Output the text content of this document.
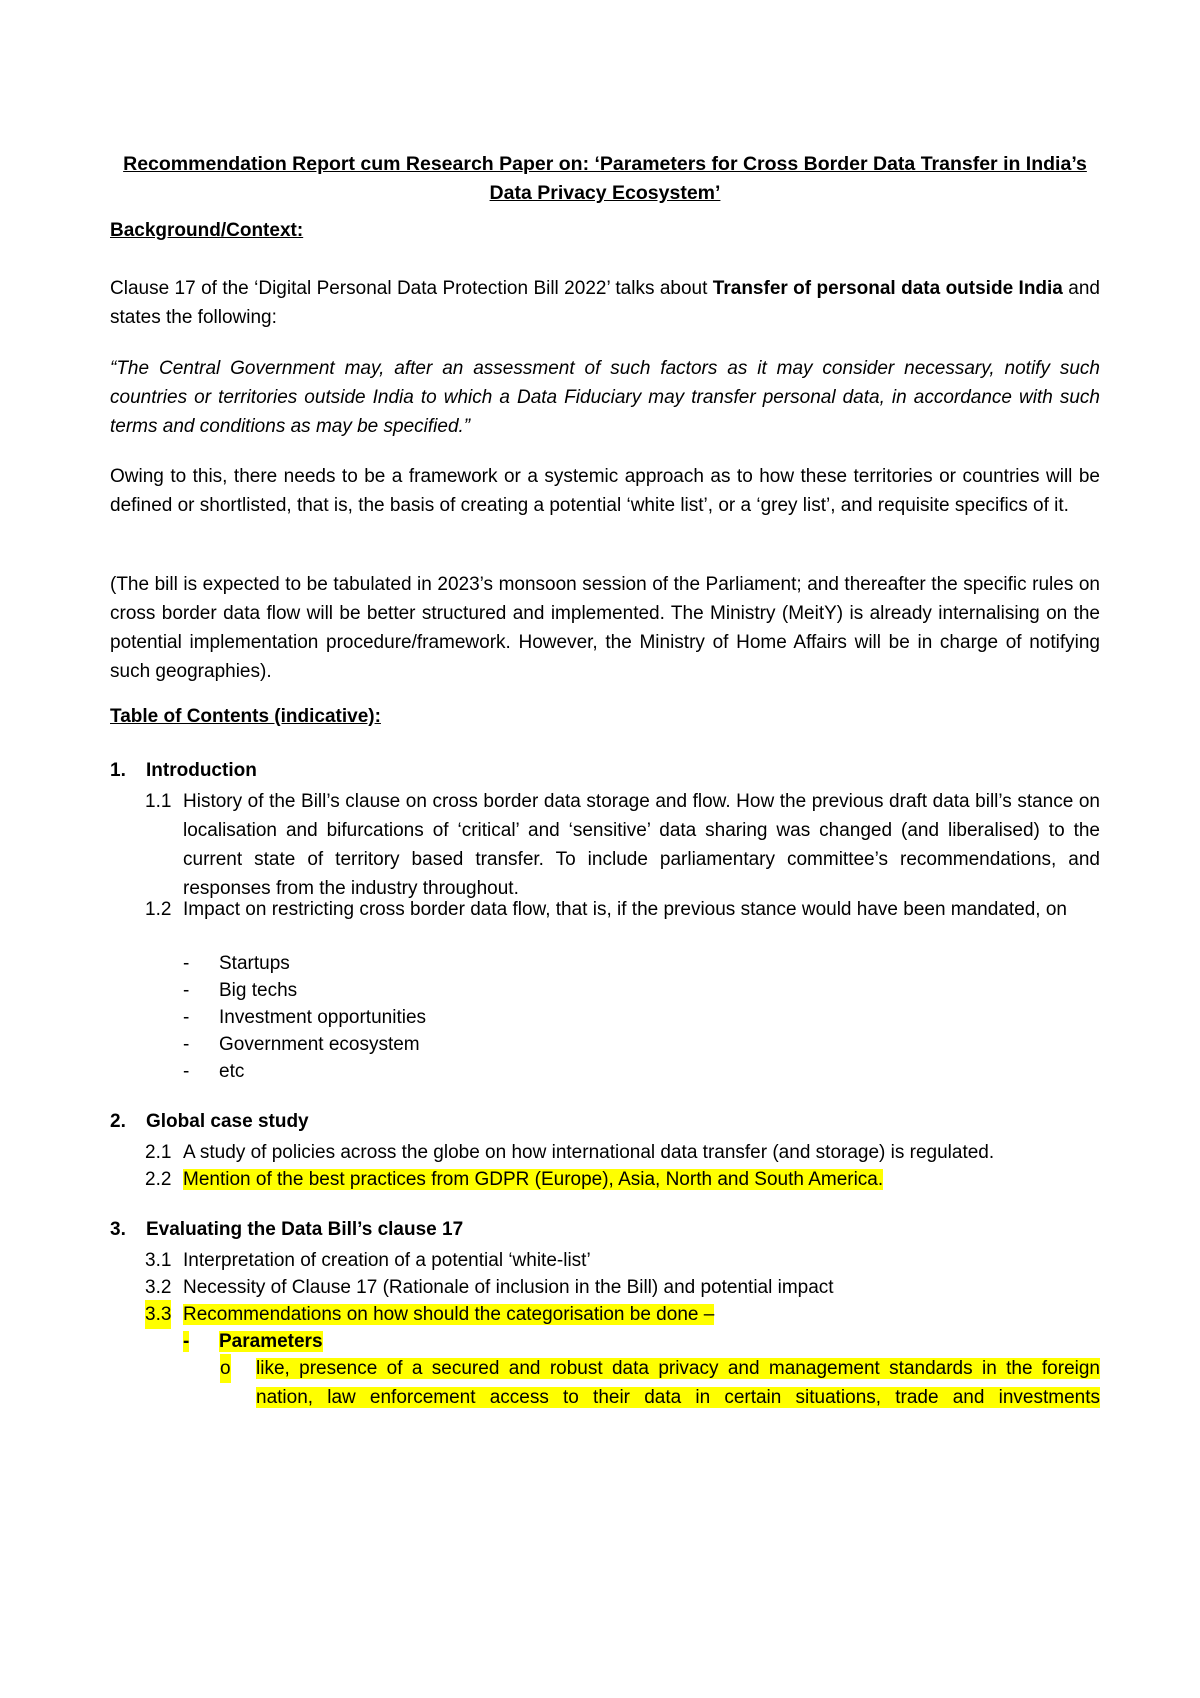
Recommendation Report cum Research Paper on: ‘Parameters for Cross Border Data Transfer in India’s Data Privacy Ecosystem’
Background/Context:
Clause 17 of the ‘Digital Personal Data Protection Bill 2022’ talks about Transfer of personal data outside India and states the following:
“The Central Government may, after an assessment of such factors as it may consider necessary, notify such countries or territories outside India to which a Data Fiduciary may transfer personal data, in accordance with such terms and conditions as may be specified.”
Owing to this, there needs to be a framework or a systemic approach as to how these territories or countries will be defined or shortlisted, that is, the basis of creating a potential ‘white list’, or a ‘grey list’, and requisite specifics of it.
(The bill is expected to be tabulated in 2023’s monsoon session of the Parliament; and thereafter the specific rules on cross border data flow will be better structured and implemented. The Ministry (MeitY) is already internalising on the potential implementation procedure/framework. However, the Ministry of Home Affairs will be in charge of notifying such geographies).
Table of Contents (indicative):
1. Introduction
1.1 History of the Bill’s clause on cross border data storage and flow. How the previous draft data bill’s stance on localisation and bifurcations of ‘critical’ and ‘sensitive’ data sharing was changed (and liberalised) to the current state of territory based transfer. To include parliamentary committee’s recommendations, and responses from the industry throughout.
1.2 Impact on restricting cross border data flow, that is, if the previous stance would have been mandated, on
- Startups
- Big techs
- Investment opportunities
- Government ecosystem
- etc
2. Global case study
2.1 A study of policies across the globe on how international data transfer (and storage) is regulated.
2.2 Mention of the best practices from GDPR (Europe), Asia, North and South America.
3. Evaluating the Data Bill’s clause 17
3.1 Interpretation of creation of a potential ‘white-list’
3.2 Necessity of Clause 17 (Rationale of inclusion in the Bill) and potential impact
3.3 Recommendations on how should the categorisation be done –
- Parameters
o	like, presence of a secured and robust data privacy and management standards in the foreign
nation, law enforcement access to their data in certain situations, trade and investments
